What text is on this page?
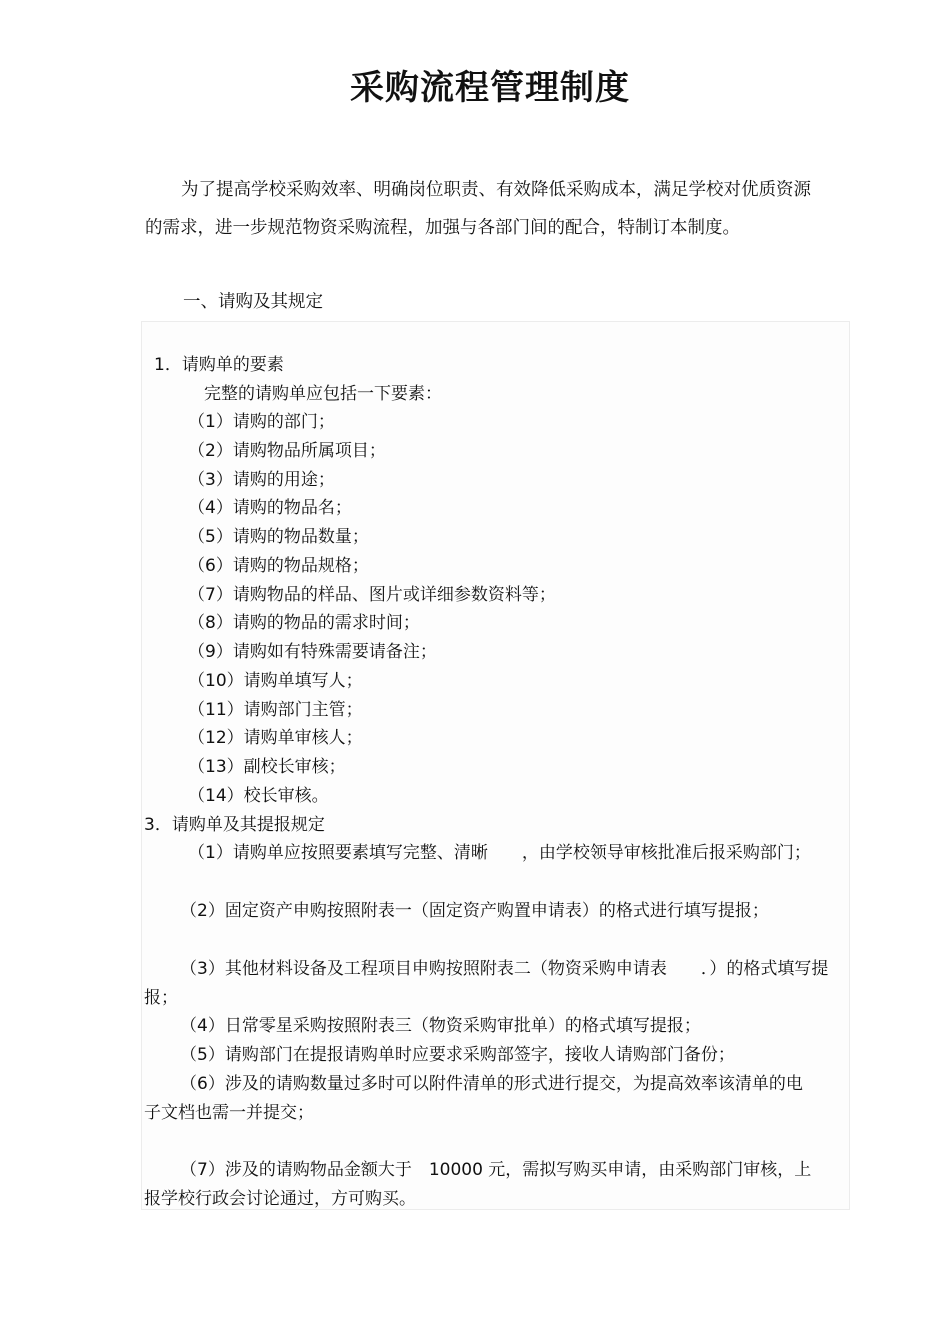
采购流程管理制度
为了提高学校采购效率、明确岗位职责、有效降低采购成本，满足学校对优质资源的需求，进一步规范物资采购流程，加强与各部门间的配合，特制订本制度。
一、请购及其规定
1．请购单的要素
完整的请购单应包括一下要素：
（1）请购的部门；
（2）请购物品所属项目；
（3）请购的用途；
（4）请购的物品名；
（5）请购的物品数量；
（6）请购的物品规格；
（7）请购物品的样品、图片或详细参数资料等；
（8）请购的物品的需求时间；
（9）请购如有特殊需要请备注；
（10）请购单填写人；
（11）请购部门主管；
（12）请购单审核人；
（13）副校长审核；
（14）校长审核。
3．请购单及其提报规定
（1）请购单应按照要素填写完整、清晰　　，由学校领导审核批准后报采购部门；
（2）固定资产申购按照附表一（固定资产购置申请表）的格式进行填写提报；
（3）其他材料设备及工程项目申购按照附表二（物资采购申请表　　．）的格式填写提报；
（4）日常零星采购按照附表三（物资采购审批单）的格式填写提报；
（5）请购部门在提报请购单时应要求采购部签字，接收人请购部门备份；
（6）涉及的请购数量过多时可以附件清单的形式进行提交，为提高效率该清单的电子文档也需一并提交；
（7）涉及的请购物品金额大于　10000 元，需拟写购买申请，由采购部门审核，上报学校行政会讨论通过，方可购买。
